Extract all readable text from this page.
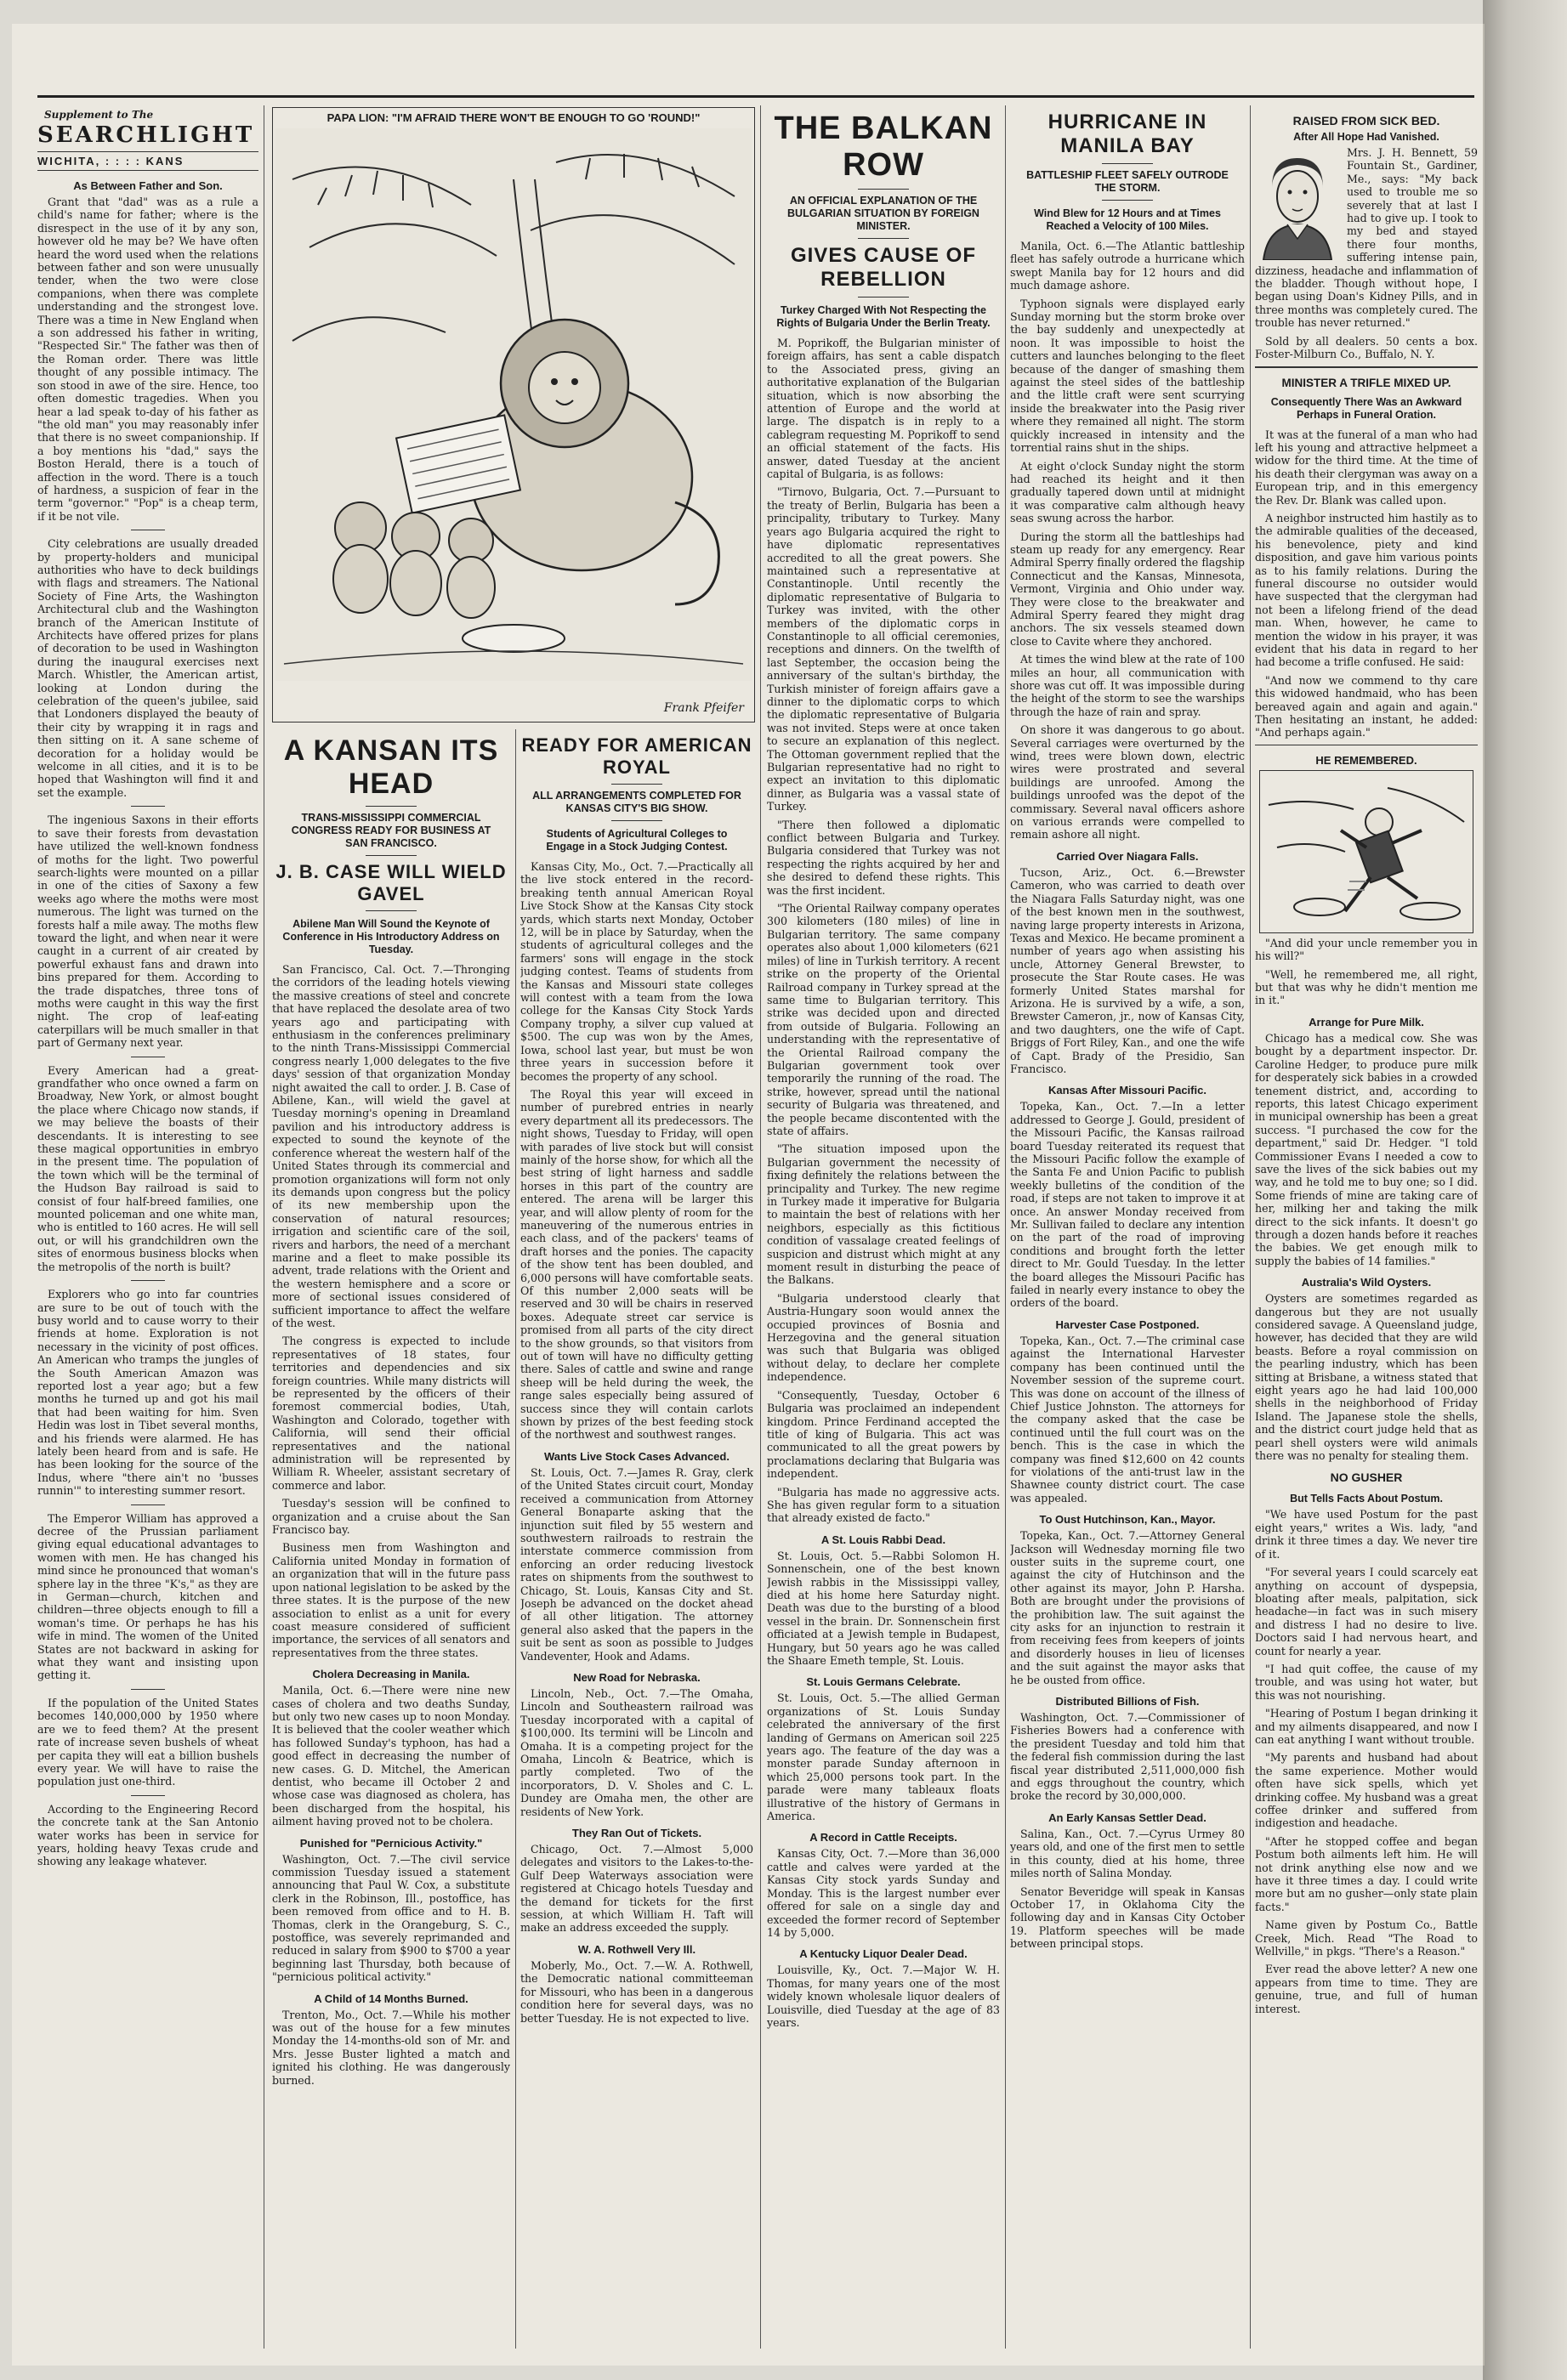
Supplement to The
SEARCHLIGHT
WICHITA, : : : : KANS
As Between Father and Son.

Grant that "dad" was as a rule a child's name for father; where is the disrespect in the use of it by any son, however old he may be? We have often heard the word used when the relations between father and son were unusually tender, when the two were close companions, when there was complete understanding and the strongest love. There was a time in New England when a son addressed his father in writing, "Respected Sir." The father was then of the Roman order. There was little thought of any possible intimacy. The son stood in awe of the sire. Hence, too often domestic tragedies. When you hear a lad speak to-day of his father as "the old man" you may reasonably infer that there is no sweet companionship. If a boy mentions his "dad," says the Boston Herald, there is a touch of affection in the word. There is a touch of hardness, a suspicion of fear in the term "governor." "Pop" is a cheap term, if it be not vile.

City celebrations are usually dreaded by property-holders and municipal authorities who have to deck buildings with flags and streamers. The National Society of Fine Arts, the Washington Architectural club and the Washington branch of the American Institute of Architects have offered prizes for plans of decoration to be used in Washington during the inaugural exercises next March. Whistler, the American artist, looking at London during the celebration of the queen's jubilee, said that Londoners displayed the beauty of their city by wrapping it in rags and then sitting on it. A sane scheme of decoration for a holiday would be welcome in all cities, and it is to be hoped that Washington will find it and set the example.

The ingenious Saxons in their efforts to save their forests from devastation have utilized the well-known fondness of moths for the light. Two powerful search-lights were mounted on a pillar in one of the cities of Saxony a few weeks ago where the moths were most numerous. The light was turned on the forests half a mile away. The moths flew toward the light, and when near it were caught in a current of air created by powerful exhaust fans and drawn into bins prepared for them. According to the trade dispatches, three tons of moths were caught in this way the first night. The crop of leaf-eating caterpillars will be much smaller in that part of Germany next year.

Every American had a great-grandfather who once owned a farm on Broadway, New York, or almost bought the place where Chicago now stands, if we may believe the boasts of their descendants. It is interesting to see these magical opportunities in embryo in the present time. The population of the town which will be the terminal of the Hudson Bay railroad is said to consist of four half-breed families, one mounted policeman and one white man, who is entitled to 160 acres. He will sell out, or will his grandchildren own the sites of enormous business blocks when the metropolis of the north is built?

Explorers who go into far countries are sure to be out of touch with the busy world and to cause worry to their friends at home. Exploration is not necessary in the vicinity of post offices. An American who tramps the jungles of the South American Amazon was reported lost a year ago; but a few months he turned up and got his mail that had been waiting for him. Sven Hedin was lost in Tibet several months, and his friends were alarmed. He has lately been heard from and is safe. He has been looking for the source of the Indus, where "there ain't no 'busses runnin'" to interesting summer resort.

The Emperor William has approved a decree of the Prussian parliament giving equal educational advantages to women with men. He has changed his mind since he pronounced that woman's sphere lay in the three "K's," as they are in German—church, kitchen and children—three objects enough to fill a woman's time. Or perhaps he has his wife in mind. The women of the United States are not backward in asking for what they want and insisting upon getting it.

If the population of the United States becomes 140,000,000 by 1950 where are we to feed them? At the present rate of increase seven bushels of wheat per capita they will eat a billion bushels every year. We will have to raise the population just one-third.

According to the Engineering Record the concrete tank at the San Antonio water works has been in service for years, holding heavy Texas crude and showing any leakage whatever.

PAPA LION: "I'M AFRAID THERE WON'T BE ENOUGH TO GO 'ROUND!"
Frank Pfeifer
A KANSAN ITS HEAD
TRANS-MISSISSIPPI COMMERCIAL CONGRESS READY FOR BUSINESS AT SAN FRANCISCO.
J. B. CASE WILL WIELD GAVEL
Abilene Man Will Sound the Keynote of Conference in His Introductory Address on Tuesday.

San Francisco, Cal. Oct. 7.—Thronging the corridors of the leading hotels viewing the massive creations of steel and concrete that have replaced the desolate area of two years ago and participating with enthusiasm in the conferences preliminary to the ninth Trans-Mississippi Commercial congress nearly 1,000 delegates to the five days' session of that organization Monday night awaited the call to order. J. B. Case of Abilene, Kan., will wield the gavel at Tuesday morning's opening in Dreamland pavilion and his introductory address is expected to sound the keynote of the conference whereat the western half of the United States through its commercial and promotion organizations will form not only its demands upon congress but the policy of its new membership upon the conservation of natural resources; irrigation and scientific care of the soil, rivers and harbors, the need of a merchant marine and a fleet to make possible its advent, trade relations with the Orient and the western hemisphere and a score or more of sectional issues considered of sufficient importance to affect the welfare of the west.

The congress is expected to include representatives of 18 states, four territories and dependencies and six foreign countries. While many districts will be represented by the officers of their foremost commercial bodies, Utah, Washington and Colorado, together with California, will send their official representatives and the national administration will be represented by William R. Wheeler, assistant secretary of commerce and labor.

Tuesday's session will be confined to organization and a cruise about the San Francisco bay.

Business men from Washington and California united Monday in formation of an organization that will in the future pass upon national legislation to be asked by the three states. It is the purpose of the new association to enlist as a unit for every coast measure considered of sufficient importance, the services of all senators and representatives from the three states.

Cholera Decreasing in Manila.

Manila, Oct. 6.—There were nine new cases of cholera and two deaths Sunday, but only two new cases up to noon Monday. It is believed that the cooler weather which has followed Sunday's typhoon, has had a good effect in decreasing the number of new cases. G. D. Mitchel, the American dentist, who became ill October 2 and whose case was diagnosed as cholera, has been discharged from the hospital, his ailment having proved not to be cholera.

Punished for "Pernicious Activity."

Washington, Oct. 7.—The civil service commission Tuesday issued a statement announcing that Paul W. Cox, a substitute clerk in the Robinson, Ill., postoffice, has been removed from office and to H. B. Thomas, clerk in the Orangeburg, S. C., postoffice, was severely reprimanded and reduced in salary from $900 to $700 a year beginning last Thursday, both because of "pernicious political activity."

A Child of 14 Months Burned.

Trenton, Mo., Oct. 7.—While his mother was out of the house for a few minutes Monday the 14-months-old son of Mr. and Mrs. Jesse Buster lighted a match and ignited his clothing. He was dangerously burned.

READY FOR AMERICAN ROYAL
ALL ARRANGEMENTS COMPLETED FOR KANSAS CITY'S BIG SHOW.
Students of Agricultural Colleges to Engage in a Stock Judging Contest.

Kansas City, Mo., Oct. 7.—Practically all the live stock entered in the record-breaking tenth annual American Royal Live Stock Show at the Kansas City stock yards, which starts next Monday, October 12, will be in place by Saturday, when the students of agricultural colleges and the farmers' sons will engage in the stock judging contest. Teams of students from the Kansas and Missouri state colleges will contest with a team from the Iowa college for the Kansas City Stock Yards Company trophy, a silver cup valued at $500. The cup was won by the Ames, Iowa, school last year, but must be won three years in succession before it becomes the property of any school.

The Royal this year will exceed in number of purebred entries in nearly every department all its predecessors. The night shows, Tuesday to Friday, will open with parades of live stock but will consist mainly of the horse show, for which all the best string of light harness and saddle horses in this part of the country are entered. The arena will be larger this year, and will allow plenty of room for the maneuvering of the numerous entries in each class, and of the packers' teams of draft horses and the ponies. The capacity of the show tent has been doubled, and 6,000 persons will have comfortable seats. Of this number 2,000 seats will be reserved and 30 will be chairs in reserved boxes. Adequate street car service is promised from all parts of the city direct to the show grounds, so that visitors from out of town will have no difficulty getting there. Sales of cattle and swine and range sheep will be held during the week, the range sales especially being assured of success since they will contain carlots shown by prizes of the best feeding stock of the northwest and southwest ranges.

Wants Live Stock Cases Advanced.

St. Louis, Oct. 7.—James R. Gray, clerk of the United States circuit court, Monday received a communication from Attorney General Bonaparte asking that the injunction suit filed by 55 western and southwestern railroads to restrain the interstate commerce commission from enforcing an order reducing livestock rates on shipments from the southwest to Chicago, St. Louis, Kansas City and St. Joseph be advanced on the docket ahead of all other litigation. The attorney general also asked that the papers in the suit be sent as soon as possible to Judges Vandeventer, Hook and Adams.

New Road for Nebraska.

Lincoln, Neb., Oct. 7.—The Omaha, Lincoln and Southeastern railroad was Tuesday incorporated with a capital of $100,000. Its termini will be Lincoln and Omaha. It is a competing project for the Omaha, Lincoln & Beatrice, which is partly completed. Two of the incorporators, D. V. Sholes and C. L. Dundey are Omaha men, the other are residents of New York.

They Ran Out of Tickets.

Chicago, Oct. 7.—Almost 5,000 delegates and visitors to the Lakes-to-the-Gulf Deep Waterways association were registered at Chicago hotels Tuesday and the demand for tickets for the first session, at which William H. Taft will make an address exceeded the supply.

W. A. Rothwell Very Ill.

Moberly, Mo., Oct. 7.—W. A. Rothwell, the Democratic national committeeman for Missouri, who has been in a dangerous condition here for several days, was no better Tuesday. He is not expected to live.

THE BALKAN ROW
AN OFFICIAL EXPLANATION OF THE BULGARIAN SITUATION BY FOREIGN MINISTER.
GIVES CAUSE OF REBELLION
Turkey Charged With Not Respecting the Rights of Bulgaria Under the Berlin Treaty.

M. Poprikoff, the Bulgarian minister of foreign affairs, has sent a cable dispatch to the Associated press, giving an authoritative explanation of the Bulgarian situation, which is now absorbing the attention of Europe and the world at large. The dispatch is in reply to a cablegram requesting M. Poprikoff to send an official statement of the facts. His answer, dated Tuesday at the ancient capital of Bulgaria, is as follows:

"Tirnovo, Bulgaria, Oct. 7.—Pursuant to the treaty of Berlin, Bulgaria has been a principality, tributary to Turkey. Many years ago Bulgaria acquired the right to have diplomatic representatives accredited to all the great powers. She maintained such a representative at Constantinople. Until recently the diplomatic representative of Bulgaria to Turkey was invited, with the other members of the diplomatic corps in Constantinople to all official ceremonies, receptions and dinners. On the twelfth of last September, the occasion being the anniversary of the sultan's birthday, the Turkish minister of foreign affairs gave a dinner to the diplomatic corps to which the diplomatic representative of Bulgaria was not invited. Steps were at once taken to secure an explanation of this neglect. The Ottoman government replied that the Bulgarian representative had no right to expect an invitation to this diplomatic dinner, as Bulgaria was a vassal state of Turkey.

"There then followed a diplomatic conflict between Bulgaria and Turkey. Bulgaria considered that Turkey was not respecting the rights acquired by her and she desired to defend these rights. This was the first incident.

"The Oriental Railway company operates 300 kilometers (180 miles) of line in Bulgarian territory. The same company operates also about 1,000 kilometers (621 miles) of line in Turkish territory. A recent strike on the property of the Oriental Railroad company in Turkey spread at the same time to Bulgarian territory. This strike was decided upon and directed from outside of Bulgaria. Following an understanding with the representative of the Oriental Railroad company the Bulgarian government took over temporarily the running of the road. The strike, however, spread until the national security of Bulgaria was threatened, and the people became discontented with the state of affairs.

"The situation imposed upon the Bulgarian government the necessity of fixing definitely the relations between the principality and Turkey. The new regime in Turkey made it imperative for Bulgaria to maintain the best of relations with her neighbors, especially as this fictitious condition of vassalage created feelings of suspicion and distrust which might at any moment result in disturbing the peace of the Balkans.

"Bulgaria understood clearly that Austria-Hungary soon would annex the occupied provinces of Bosnia and Herzegovina and the general situation was such that Bulgaria was obliged without delay, to declare her complete independence.

"Consequently, Tuesday, October 6 Bulgaria was proclaimed an independent kingdom. Prince Ferdinand accepted the title of king of Bulgaria. This act was communicated to all the great powers by proclamations declaring that Bulgaria was independent.

"Bulgaria has made no aggressive acts. She has given regular form to a situation that already existed de facto."

A St. Louis Rabbi Dead.

St. Louis, Oct. 5.—Rabbi Solomon H. Sonnenschein, one of the best known Jewish rabbis in the Mississippi valley, died at his home here Saturday night. Death was due to the bursting of a blood vessel in the brain. Dr. Sonnenschein first officiated at a Jewish temple in Budapest, Hungary, but 50 years ago he was called the Shaare Emeth temple, St. Louis.

St. Louis Germans Celebrate.

St. Louis, Oct. 5.—The allied German organizations of St. Louis Sunday celebrated the anniversary of the first landing of Germans on American soil 225 years ago. The feature of the day was a monster parade Sunday afternoon in which 25,000 persons took part. In the parade were many tableaux floats illustrative of the history of Germans in America.

A Record in Cattle Receipts.

Kansas City, Oct. 7.—More than 36,000 cattle and calves were yarded at the Kansas City stock yards Sunday and Monday. This is the largest number ever offered for sale on a single day and exceeded the former record of September 14 by 5,000.

A Kentucky Liquor Dealer Dead.

Louisville, Ky., Oct. 7.—Major W. H. Thomas, for many years one of the most widely known wholesale liquor dealers of Louisville, died Tuesday at the age of 83 years.

HURRICANE IN MANILA BAY
BATTLESHIP FLEET SAFELY OUTRODE THE STORM.
Wind Blew for 12 Hours and at Times Reached a Velocity of 100 Miles.

Manila, Oct. 6.—The Atlantic battleship fleet has safely outrode a hurricane which swept Manila bay for 12 hours and did much damage ashore.

Typhoon signals were displayed early Sunday morning but the storm broke over the bay suddenly and unexpectedly at noon. It was impossible to hoist the cutters and launches belonging to the fleet because of the danger of smashing them against the steel sides of the battleship and the little craft were sent scurrying inside the breakwater into the Pasig river where they remained all night. The storm quickly increased in intensity and the torrential rains shut in the ships.

At eight o'clock Sunday night the storm had reached its height and it then gradually tapered down until at midnight it was comparative calm although heavy seas swung across the harbor.

During the storm all the battleships had steam up ready for any emergency. Rear Admiral Sperry finally ordered the flagship Connecticut and the Kansas, Minnesota, Vermont, Virginia and Ohio under way. They were close to the breakwater and Admiral Sperry feared they might drag anchors. The six vessels steamed down close to Cavite where they anchored.

At times the wind blew at the rate of 100 miles an hour, all communication with shore was cut off. It was impossible during the height of the storm to see the warships through the haze of rain and spray.

On shore it was dangerous to go about. Several carriages were overturned by the wind, trees were blown down, electric wires were prostrated and several buildings are unroofed. Among the buildings unroofed was the depot of the commissary. Several naval officers ashore on various errands were compelled to remain ashore all night.

Carried Over Niagara Falls.

Tucson, Ariz., Oct. 6.—Brewster Cameron, who was carried to death over the Niagara Falls Saturday night, was one of the best known men in the southwest, naving large property interests in Arizona, Texas and Mexico. He became prominent a number of years ago when assisting his uncle, Attorney General Brewster, to prosecute the Star Route cases. He was formerly United States marshal for Arizona. He is survived by a wife, a son, Brewster Cameron, jr., now of Kansas City, and two daughters, one the wife of Capt. Briggs of Fort Riley, Kan., and one the wife of Capt. Brady of the Presidio, San Francisco.

Kansas After Missouri Pacific.

Topeka, Kan., Oct. 7.—In a letter addressed to George J. Gould, president of the Missouri Pacific, the Kansas railroad board Tuesday reiterated its request that the Missouri Pacific follow the example of the Santa Fe and Union Pacific to publish weekly bulletins of the condition of the road, if steps are not taken to improve it at once. An answer Monday received from Mr. Sullivan failed to declare any intention on the part of the road of improving conditions and brought forth the letter direct to Mr. Gould Tuesday. In the letter the board alleges the Missouri Pacific has failed in nearly every instance to obey the orders of the board.

Harvester Case Postponed.

Topeka, Kan., Oct. 7.—The criminal case against the International Harvester company has been continued until the November session of the supreme court. This was done on account of the illness of Chief Justice Johnston. The attorneys for the company asked that the case be continued until the full court was on the bench. This is the case in which the company was fined $12,600 on 42 counts for violations of the anti-trust law in the Shawnee county district court. The case was appealed.

To Oust Hutchinson, Kan., Mayor.

Topeka, Kan., Oct. 7.—Attorney General Jackson will Wednesday morning file two ouster suits in the supreme court, one against the city of Hutchinson and the other against its mayor, John P. Harsha. Both are brought under the provisions of the prohibition law. The suit against the city asks for an injunction to restrain it from receiving fees from keepers of joints and disorderly houses in lieu of licenses and the suit against the mayor asks that he be ousted from office.

Distributed Billions of Fish.

Washington, Oct. 7.—Commissioner of Fisheries Bowers had a conference with the president Tuesday and told him that the federal fish commission during the last fiscal year distributed 2,511,000,000 fish and eggs throughout the country, which broke the record by 30,000,000.

An Early Kansas Settler Dead.

Salina, Kan., Oct. 7.—Cyrus Urmey 80 years old, and one of the first men to settle in this county, died at his home, three miles north of Salina Monday.

Senator Beveridge will speak in Kansas October 17, in Oklahoma City the following day and in Kansas City October 19. Platform speeches will be made between principal stops.

RAISED FROM SICK BED.
After All Hope Had Vanished.

Mrs. J. H. Bennett, 59 Fountain St., Gardiner, Me., says: "My back used to trouble me so severely that at last I had to give up. I took to my bed and stayed there four months, suffering intense pain, dizziness, headache and inflammation of the bladder. Though without hope, I began using Doan's Kidney Pills, and in three months was completely cured. The trouble has never returned."

Sold by all dealers. 50 cents a box. Foster-Milburn Co., Buffalo, N. Y.

MINISTER A TRIFLE MIXED UP.
Consequently There Was an Awkward Perhaps in Funeral Oration.

It was at the funeral of a man who had left his young and attractive helpmeet a widow for the third time. At the time of his death their clergyman was away on a European trip, and in this emergency the Rev. Dr. Blank was called upon.

A neighbor instructed him hastily as to the admirable qualities of the deceased, his benevolence, piety and kind disposition, and gave him various points as to his family relations. During the funeral discourse no outsider would have suspected that the clergyman had not been a lifelong friend of the dead man. When, however, he came to mention the widow in his prayer, it was evident that his data in regard to her had become a trifle confused. He said:

"And now we commend to thy care this widowed handmaid, who has been bereaved again and again and again." Then hesitating an instant, he added: "And perhaps again."

HE REMEMBERED.

"And did your uncle remember you in his will?"

"Well, he remembered me, all right, but that was why he didn't mention me in it."

Arrange for Pure Milk.

Chicago has a medical cow. She was bought by a department inspector. Dr. Caroline Hedger, to produce pure milk for desperately sick babies in a crowded tenement district, and, according to reports, this latest Chicago experiment in municipal ownership has been a great success. "I purchased the cow for the department," said Dr. Hedger. "I told Commissioner Evans I needed a cow to save the lives of the sick babies out my way, and he told me to buy one; so I did. Some friends of mine are taking care of her, milking her and taking the milk direct to the sick infants. It doesn't go through a dozen hands before it reaches the babies. We get enough milk to supply the babies of 14 families."

Australia's Wild Oysters.

Oysters are sometimes regarded as dangerous but they are not usually considered savage. A Queensland judge, however, has decided that they are wild beasts. Before a royal commission on the pearling industry, which has been sitting at Brisbane, a witness stated that eight years ago he had laid 100,000 shells in the neighborhood of Friday Island. The Japanese stole the shells, and the district court judge held that as pearl shell oysters were wild animals there was no penalty for stealing them.

NO GUSHER
But Tells Facts About Postum.

"We have used Postum for the past eight years," writes a Wis. lady, "and drink it three times a day. We never tire of it.

"For several years I could scarcely eat anything on account of dyspepsia, bloating after meals, palpitation, sick headache—in fact was in such misery and distress I had no desire to live. Doctors said I had nervous heart, and count for nearly a year.

"I had quit coffee, the cause of my trouble, and was using hot water, but this was not nourishing.

"Hearing of Postum I began drinking it and my ailments disappeared, and now I can eat anything I want without trouble.

"My parents and husband had about the same experience. Mother would often have sick spells, which yet drinking coffee. My husband was a great coffee drinker and suffered from indigestion and headache.

"After he stopped coffee and began Postum both ailments left him. He will not drink anything else now and we have it three times a day. I could write more but am no gusher—only state plain facts."

Name given by Postum Co., Battle Creek, Mich. Read "The Road to Wellville," in pkgs. "There's a Reason."

Ever read the above letter? A new one appears from time to time. They are genuine, true, and full of human interest.
